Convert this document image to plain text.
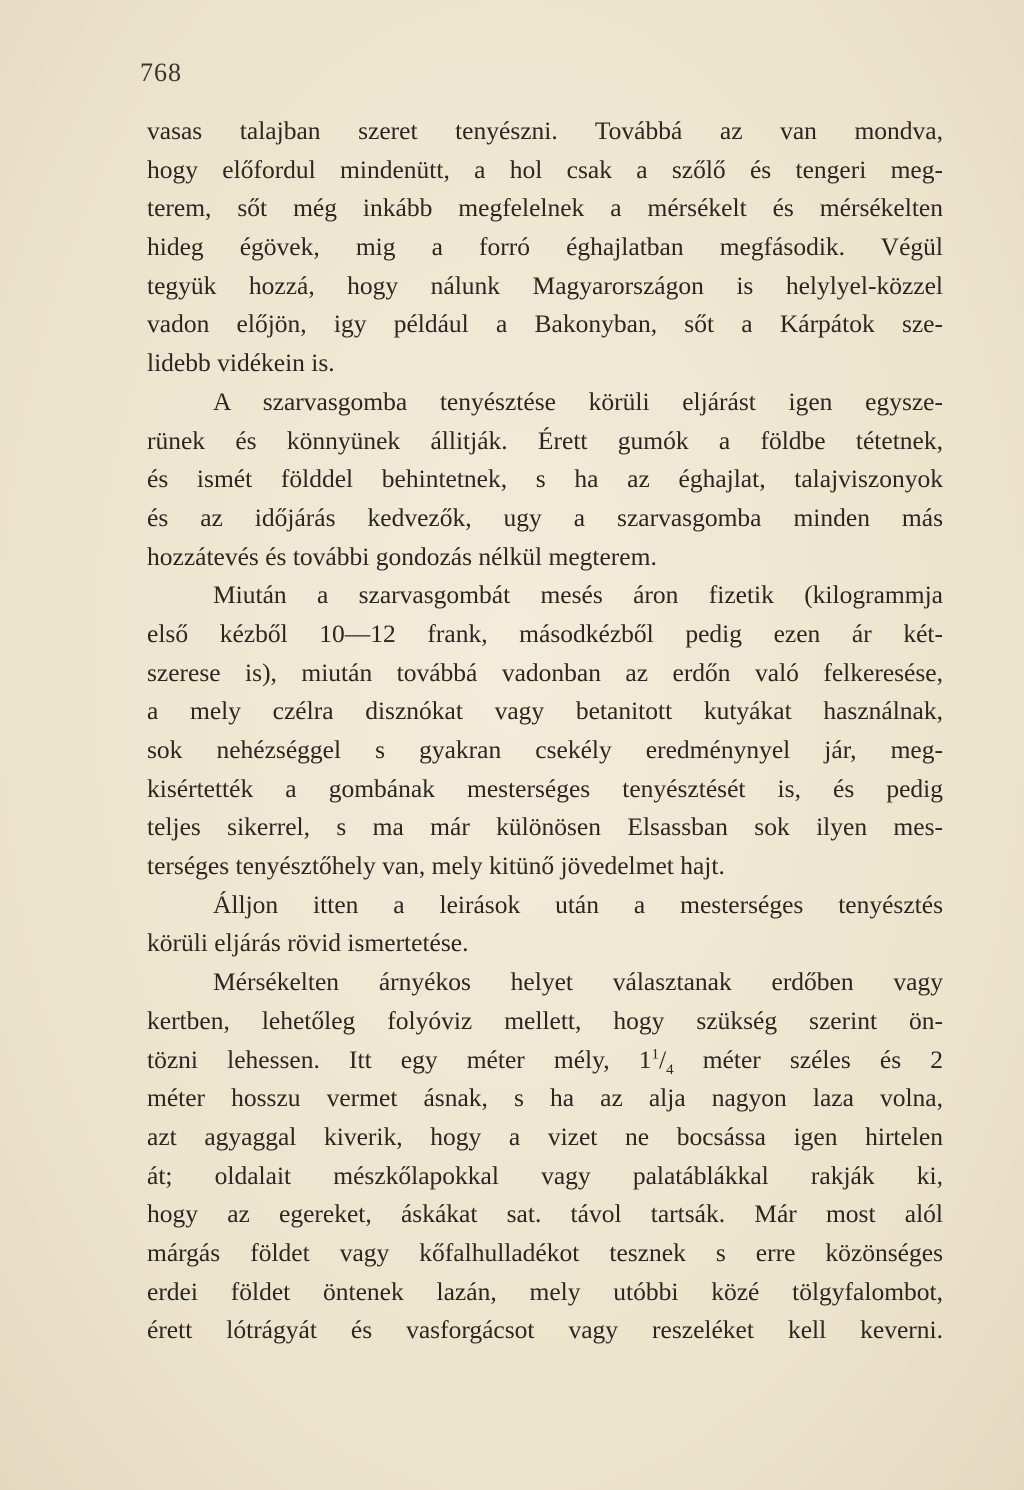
768
vasas talajban szeret tenyészni. Továbbá az van mondva,
hogy előfordul mindenütt, a hol csak a szőlő és tengeri meg-
terem, sőt még inkább megfelelnek a mérsékelt és mérsékelten
hideg égövek, mig a forró éghajlatban megfásodik. Végül
tegyük hozzá, hogy nálunk Magyarországon is helylyel-közzel
vadon előjön, igy például a Bakonyban, sőt a Kárpátok sze-
lidebb vidékein is.
A szarvasgomba tenyésztése körüli eljárást igen egysze-
rünek és könnyünek állitják. Érett gumók a földbe tétetnek,
és ismét földdel behintetnek, s ha az éghajlat, talajviszonyok
és az időjárás kedvezők, ugy a szarvasgomba minden más
hozzátevés és további gondozás nélkül megterem.
Miután a szarvasgombát mesés áron fizetik (kilogrammja
első kézből 10—12 frank, másodkézből pedig ezen ár két-
szerese is), miután továbbá vadonban az erdőn való felkeresése,
a mely czélra disznókat vagy betanitott kutyákat használnak,
sok nehézséggel s gyakran csekély eredménynyel jár, meg-
kisértették a gombának mesterséges tenyésztését is, és pedig
teljes sikerrel, s ma már különösen Elsassban sok ilyen mes-
terséges tenyésztőhely van, mely kitünő jövedelmet hajt.
Álljon itten a leirások után a mesterséges tenyésztés
körüli eljárás rövid ismertetése.
Mérsékelten árnyékos helyet választanak erdőben vagy
kertben, lehetőleg folyóviz mellett, hogy szükség szerint ön-
tözni lehessen. Itt egy méter mély, $1^1/_4$ méter széles és 2
méter hosszu vermet ásnak, s ha az alja nagyon laza volna,
azt agyaggal kiverik, hogy a vizet ne bocsássa igen hirtelen
át; oldalait mészkőlapokkal vagy palatáblákkal rakják ki,
hogy az egereket, áskákat sat. távol tartsák. Már most alól
márgás földet vagy kőfalhulladékot tesznek s erre közönséges
erdei földet öntenek lazán, mely utóbbi közé tölgyfalombot,
érett lótrágyát és vasforgácsot vagy reszeléket kell keverni.
